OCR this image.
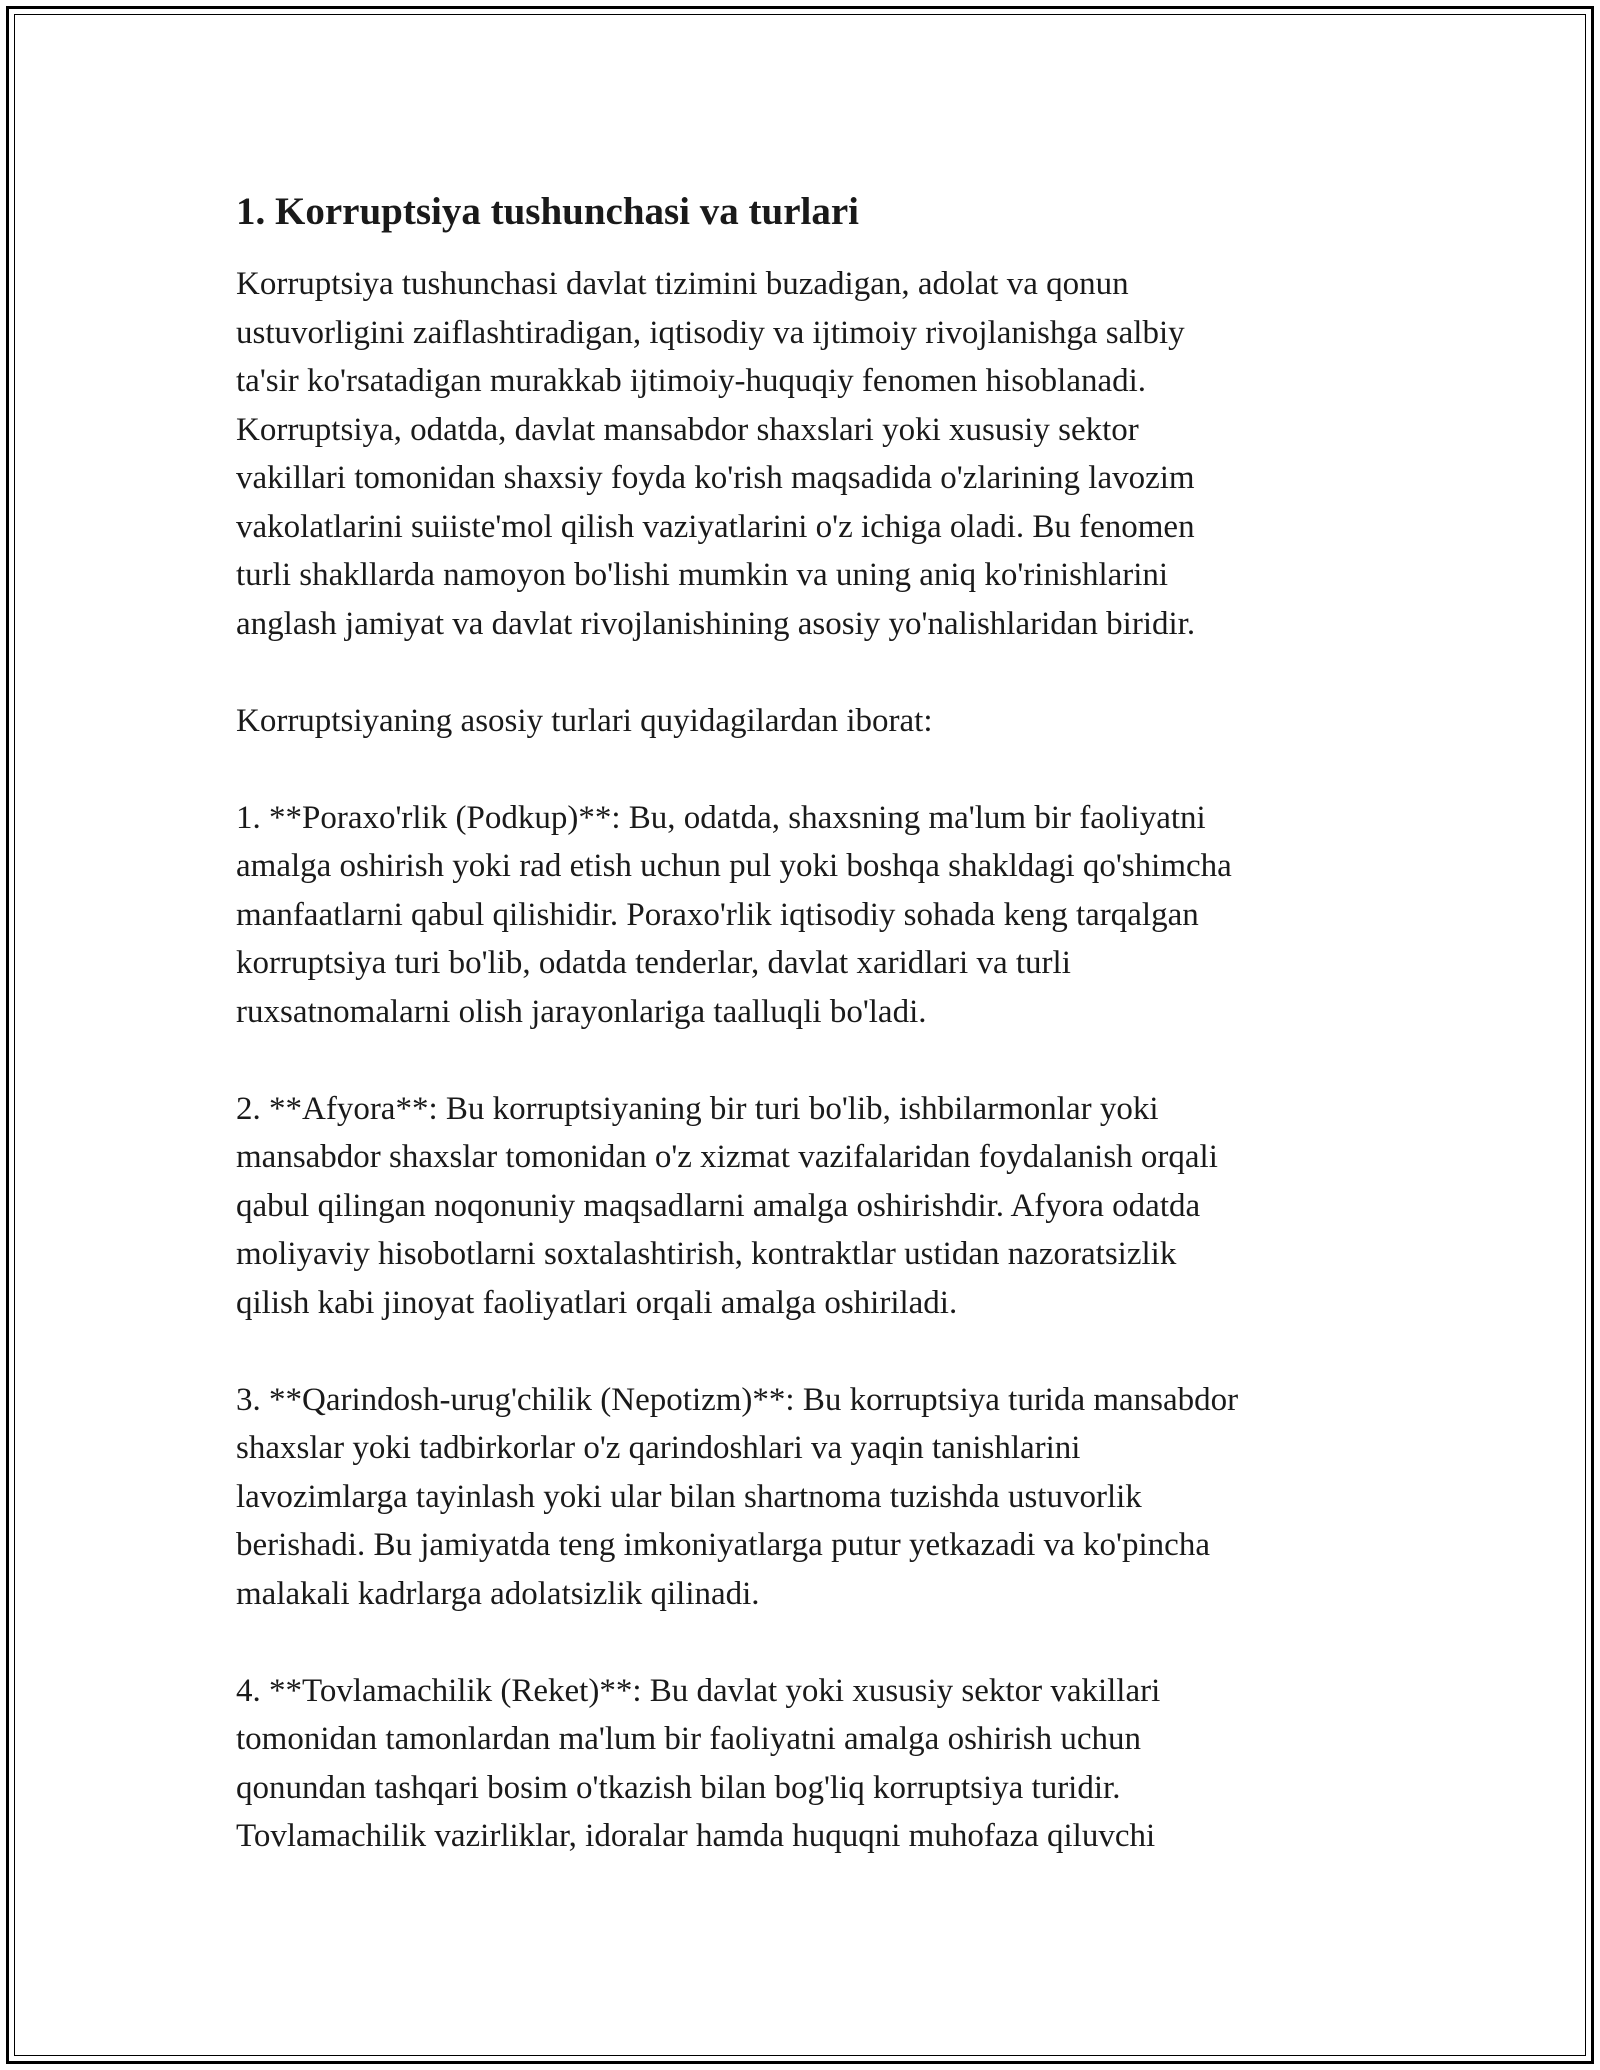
1. Korruptsiya tushunchasi va turlari

Korruptsiya tushunchasi davlat tizimini buzadigan, adolat va qonun
ustuvorligini zaiflashtiradigan, iqtisodiy va ijtimoiy rivojlanishga salbiy
ta'sir ko'rsatadigan murakkab ijtimoiy-huquqiy fenomen hisoblanadi.
Korruptsiya, odatda, davlat mansabdor shaxslari yoki xususiy sektor
vakillari tomonidan shaxsiy foyda ko'rish maqsadida o'zlarining lavozim
vakolatlarini suiiste'mol qilish vaziyatlarini o'z ichiga oladi. Bu fenomen
turli shakllarda namoyon bo'lishi mumkin va uning aniq ko'rinishlarini
anglash jamiyat va davlat rivojlanishining asosiy yo'nalishlaridan biridir.

Korruptsiyaning asosiy turlari quyidagilardan iborat:

1. **Poraxo'rlik (Podkup)**: Bu, odatda, shaxsning ma'lum bir faoliyatni
amalga oshirish yoki rad etish uchun pul yoki boshqa shakldagi qo'shimcha
manfaatlarni qabul qilishidir. Poraxo'rlik iqtisodiy sohada keng tarqalgan
korruptsiya turi bo'lib, odatda tenderlar, davlat xaridlari va turli
ruxsatnomalarni olish jarayonlariga taalluqli bo'ladi.

2. **Afyora**: Bu korruptsiyaning bir turi bo'lib, ishbilarmonlar yoki
mansabdor shaxslar tomonidan o'z xizmat vazifalaridan foydalanish orqali
qabul qilingan noqonuniy maqsadlarni amalga oshirishdir. Afyora odatda
moliyaviy hisobotlarni soxtalashtirish, kontraktlar ustidan nazoratsizlik
qilish kabi jinoyat faoliyatlari orqali amalga oshiriladi.

3. **Qarindosh-urug'chilik (Nepotizm)**: Bu korruptsiya turida mansabdor
shaxslar yoki tadbirkorlar o'z qarindoshlari va yaqin tanishlarini
lavozimlarga tayinlash yoki ular bilan shartnoma tuzishda ustuvorlik
berishadi. Bu jamiyatda teng imkoniyatlarga putur yetkazadi va ko'pincha
malakali kadrlarga adolatsizlik qilinadi.

4. **Tovlamachilik (Reket)**: Bu davlat yoki xususiy sektor vakillari
tomonidan tamonlardan ma'lum bir faoliyatni amalga oshirish uchun
qonundan tashqari bosim o'tkazish bilan bog'liq korruptsiya turidir.
Tovlamachilik vazirliklar, idoralar hamda huquqni muhofaza qiluvchi
